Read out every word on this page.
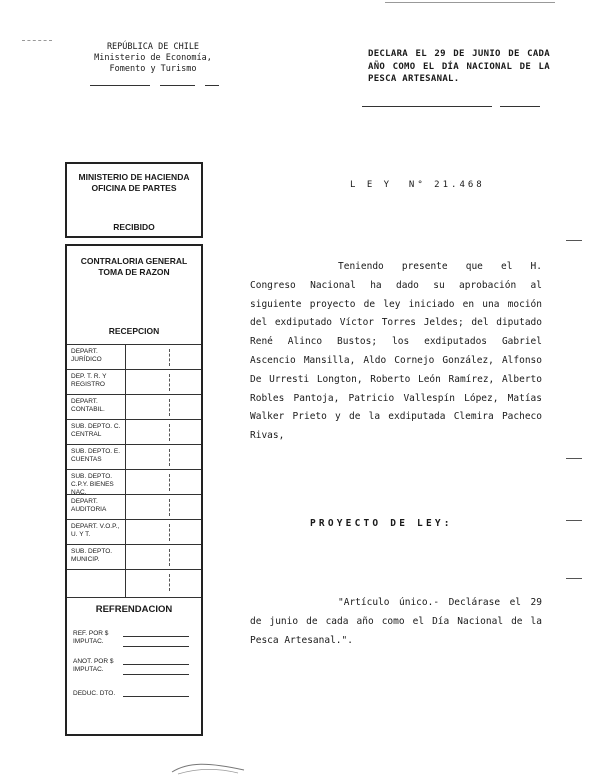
REPÚBLICA DE CHILE
Ministerio de Economía,
Fomento y Turismo
DECLARA EL 29 DE JUNIO DE CADA AÑO COMO EL DÍA NACIONAL DE LA PESCA ARTESANAL.
MINISTERIO DE HACIENDA
OFICINA DE PARTES
RECIBIDO
CONTRALORIA GENERAL
TOMA DE RAZON
RECEPCION
DEPART. JURÍDICO
DEP. T. R. Y REGISTRO
DEPART. CONTABIL.
SUB. DEPTO. C. CENTRAL
SUB. DEPTO. E. CUENTAS
SUB. DEPTO. C.P.Y. BIENES NAC.
DEPART. AUDITORIA
DEPART. V.O.P., U. Y T.
SUB. DEPTO. MUNICIP.
REFRENDACION
REF. POR $ IMPUTAC.
ANOT. POR $ IMPUTAC.
DEDUC. DTO.
L E Y  N° 21.468
Teniendo presente que el H. Congreso Nacional ha dado su aprobación al siguiente proyecto de ley iniciado en una moción del exdiputado Víctor Torres Jeldes; del diputado René Alinco Bustos; los exdiputados Gabriel Ascencio Mansilla, Aldo Cornejo González, Alfonso De Urresti Longton, Roberto León Ramírez, Alberto Robles Pantoja, Patricio Vallespín López, Matías Walker Prieto y de la exdiputada Clemira Pacheco Rivas,
PROYECTO DE LEY:
"Artículo único.- Declárase el 29 de junio de cada año como el Día Nacional de la Pesca Artesanal.".
